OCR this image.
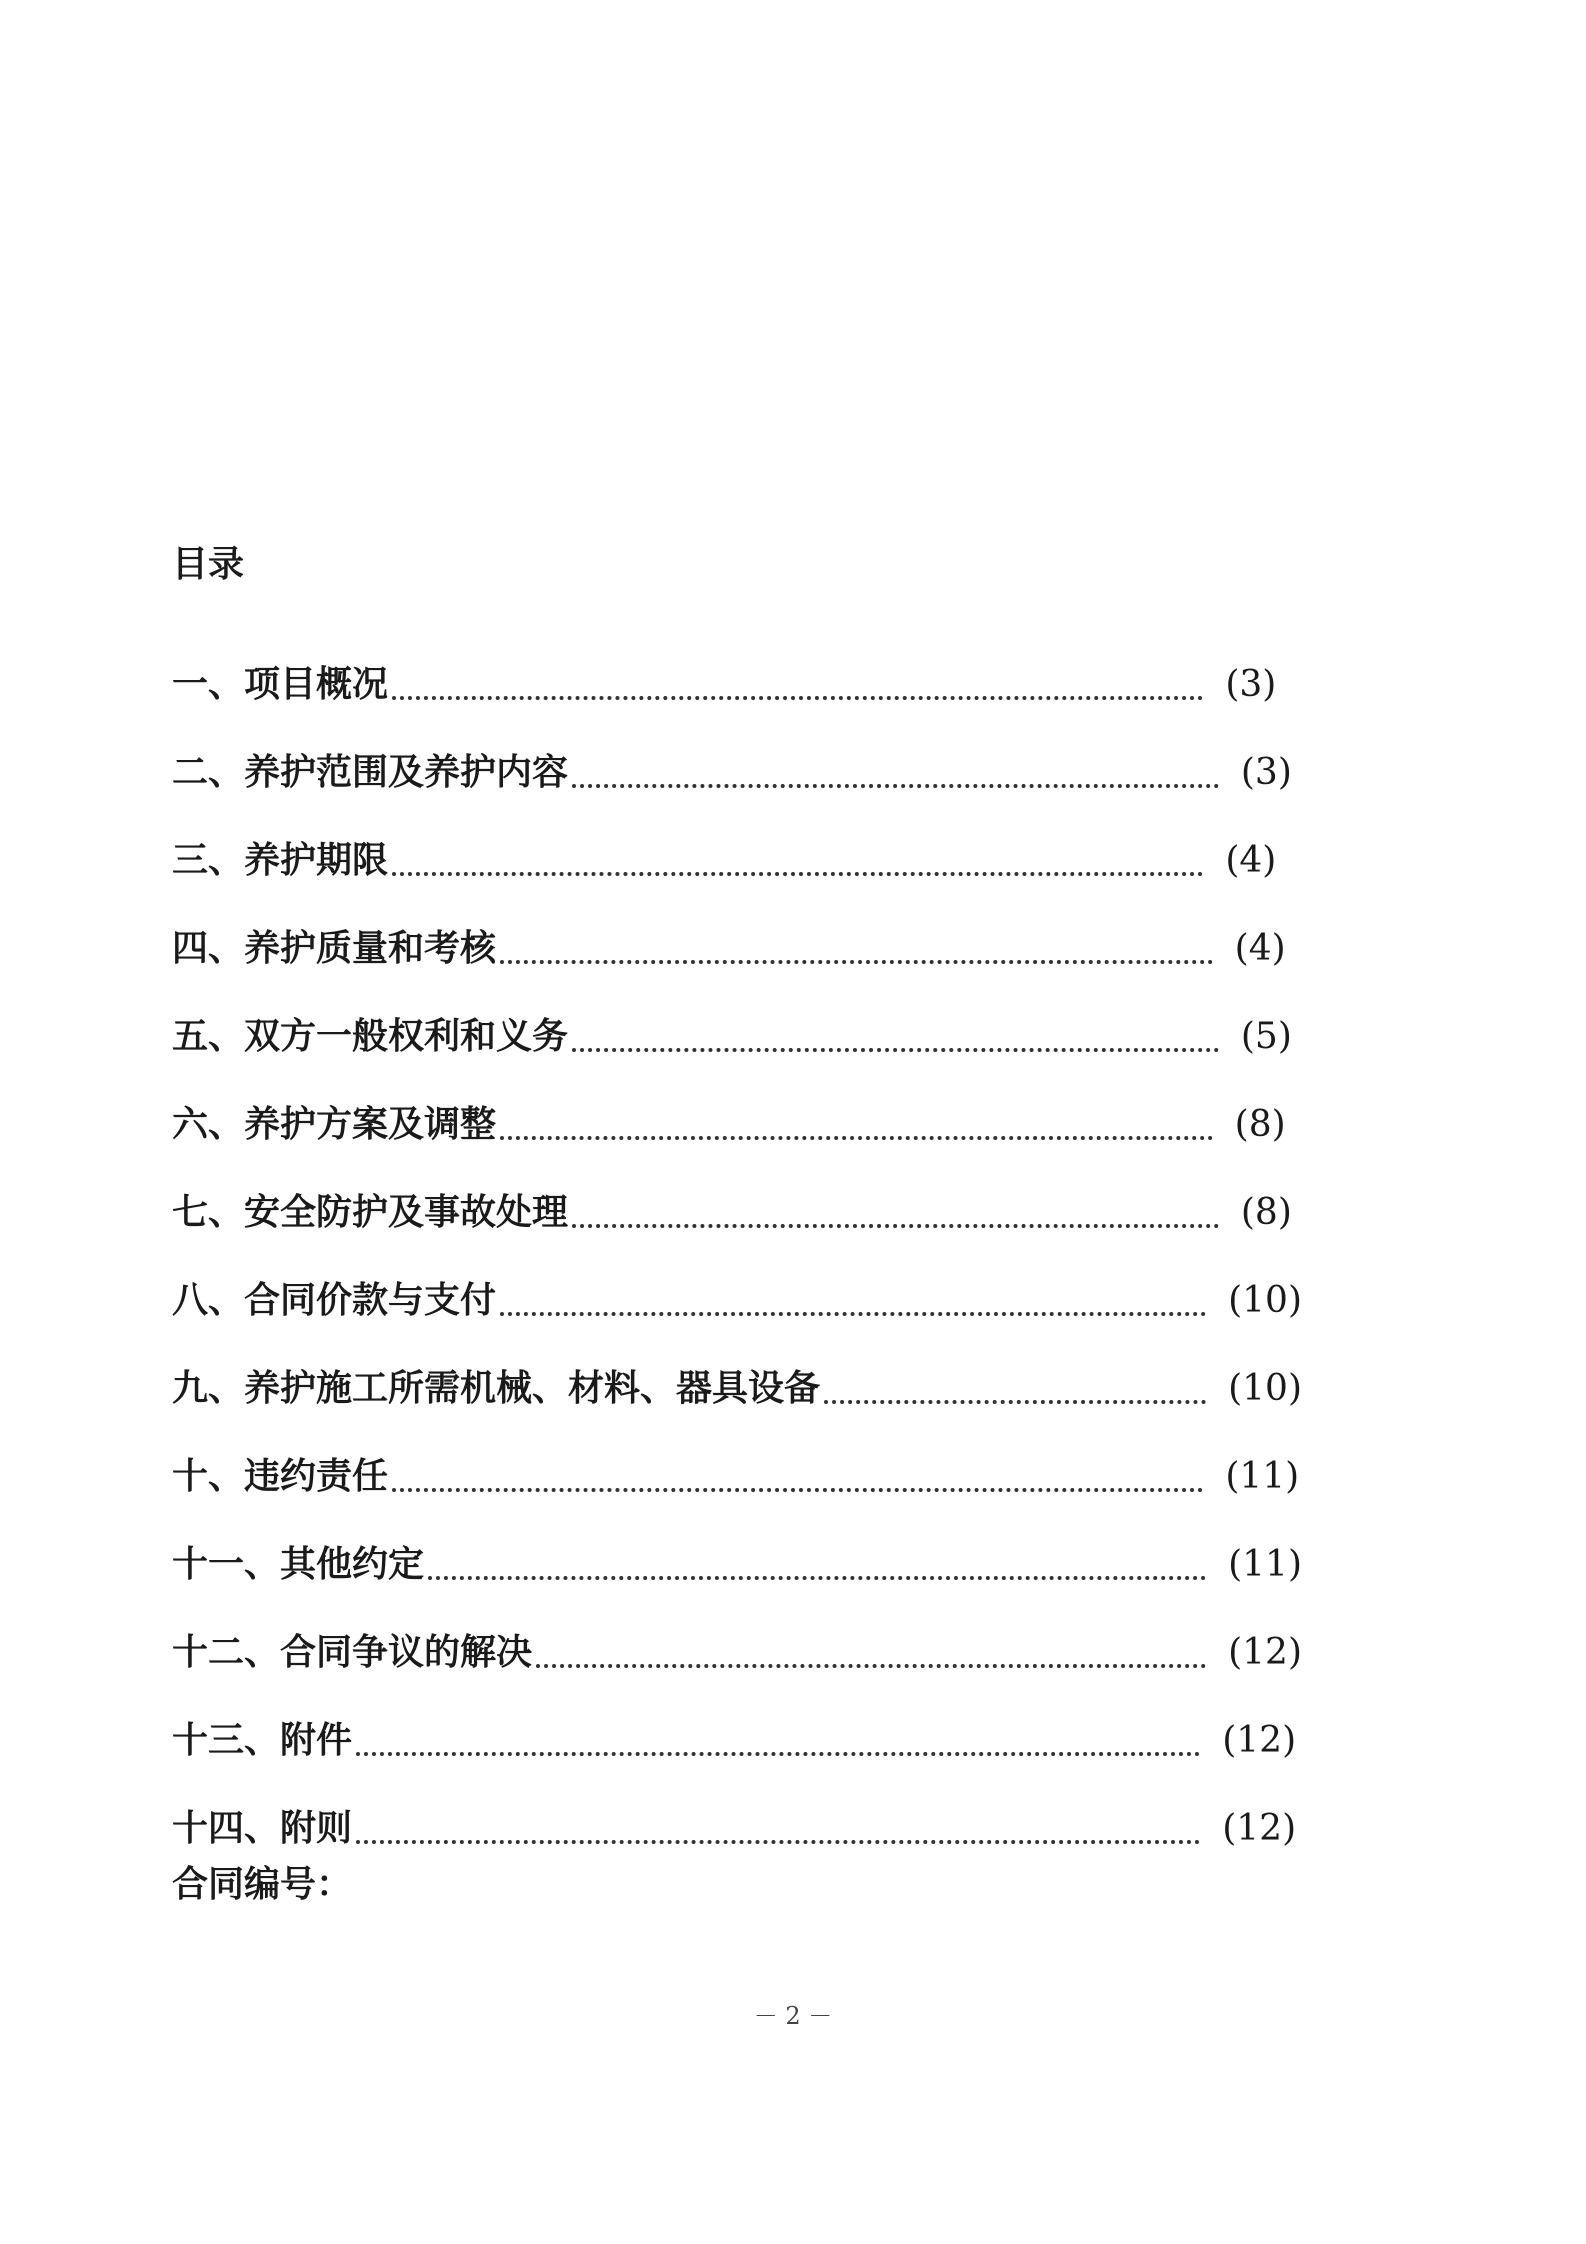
目录
一、项目概况	(3)
二、养护范围及养护内容	(3)
三、养护期限	(4)
四、养护质量和考核	(4)
五、双方一般权利和义务	(5)
六、养护方案及调整	(8)
七、安全防护及事故处理	(8)
八、合同价款与支付	(10)
九、养护施工所需机械、材料、器具设备	(10)
十、违约责任	(11)
十一、其他约定	(11)
十二、合同争议的解决	(12)
十三、附件	(12)
十四、附则	(12)
合同编号：
－ 2 －
